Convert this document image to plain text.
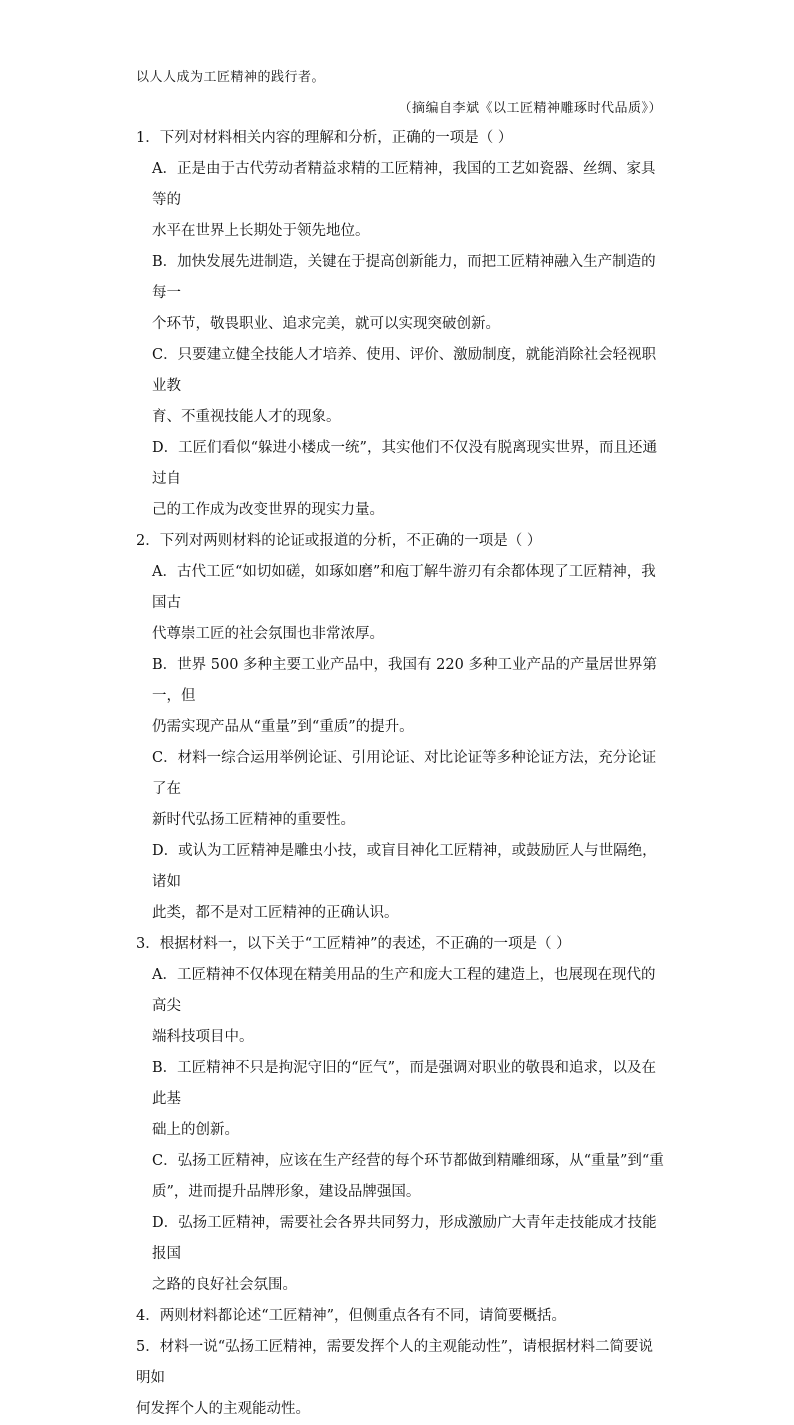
以人人成为工匠精神的践行者。
（摘编自李斌《以工匠精神雕琢时代品质》）
1．下列对材料相关内容的理解和分析，正确的一项是（ ）
A．正是由于古代劳动者精益求精的工匠精神，我国的工艺如瓷器、丝绸、家具等的
水平在世界上长期处于领先地位。
B．加快发展先进制造，关键在于提高创新能力，而把工匠精神融入生产制造的每一
个环节，敬畏职业、追求完美，就可以实现突破创新。
C．只要建立健全技能人才培养、使用、评价、激励制度，就能消除社会轻视职业教
育、不重视技能人才的现象。
D．工匠们看似“躲进小楼成一统”，其实他们不仅没有脱离现实世界，而且还通过自
己的工作成为改变世界的现实力量。
2．下列对两则材料的论证或报道的分析，不正确的一项是（ ）
A．古代工匠“如切如磋，如琢如磨”和庖丁解牛游刃有余都体现了工匠精神，我国古
代尊崇工匠的社会氛围也非常浓厚。
B．世界 500 多种主要工业产品中，我国有 220 多种工业产品的产量居世界第一，但
仍需实现产品从“重量”到“重质”的提升。
C．材料一综合运用举例论证、引用论证、对比论证等多种论证方法，充分论证了在
新时代弘扬工匠精神的重要性。
D．或认为工匠精神是雕虫小技，或盲目神化工匠精神，或鼓励匠人与世隔绝，诸如
此类，都不是对工匠精神的正确认识。
3．根据材料一，以下关于“工匠精神”的表述，不正确的一项是（ ）
A．工匠精神不仅体现在精美用品的生产和庞大工程的建造上，也展现在现代的高尖
端科技项目中。
B．工匠精神不只是拘泥守旧的“匠气”，而是强调对职业的敬畏和追求，以及在此基
础上的创新。
C．弘扬工匠精神，应该在生产经营的每个环节都做到精雕细琢，从“重量”到“重
质”，进而提升品牌形象，建设品牌强国。
D．弘扬工匠精神，需要社会各界共同努力，形成激励广大青年走技能成才技能报国
之路的良好社会氛围。
4．两则材料都论述“工匠精神”，但侧重点各有不同，请简要概括。
5．材料一说“弘扬工匠精神，需要发挥个人的主观能动性”，请根据材料二简要说明如
何发挥个人的主观能动性。
